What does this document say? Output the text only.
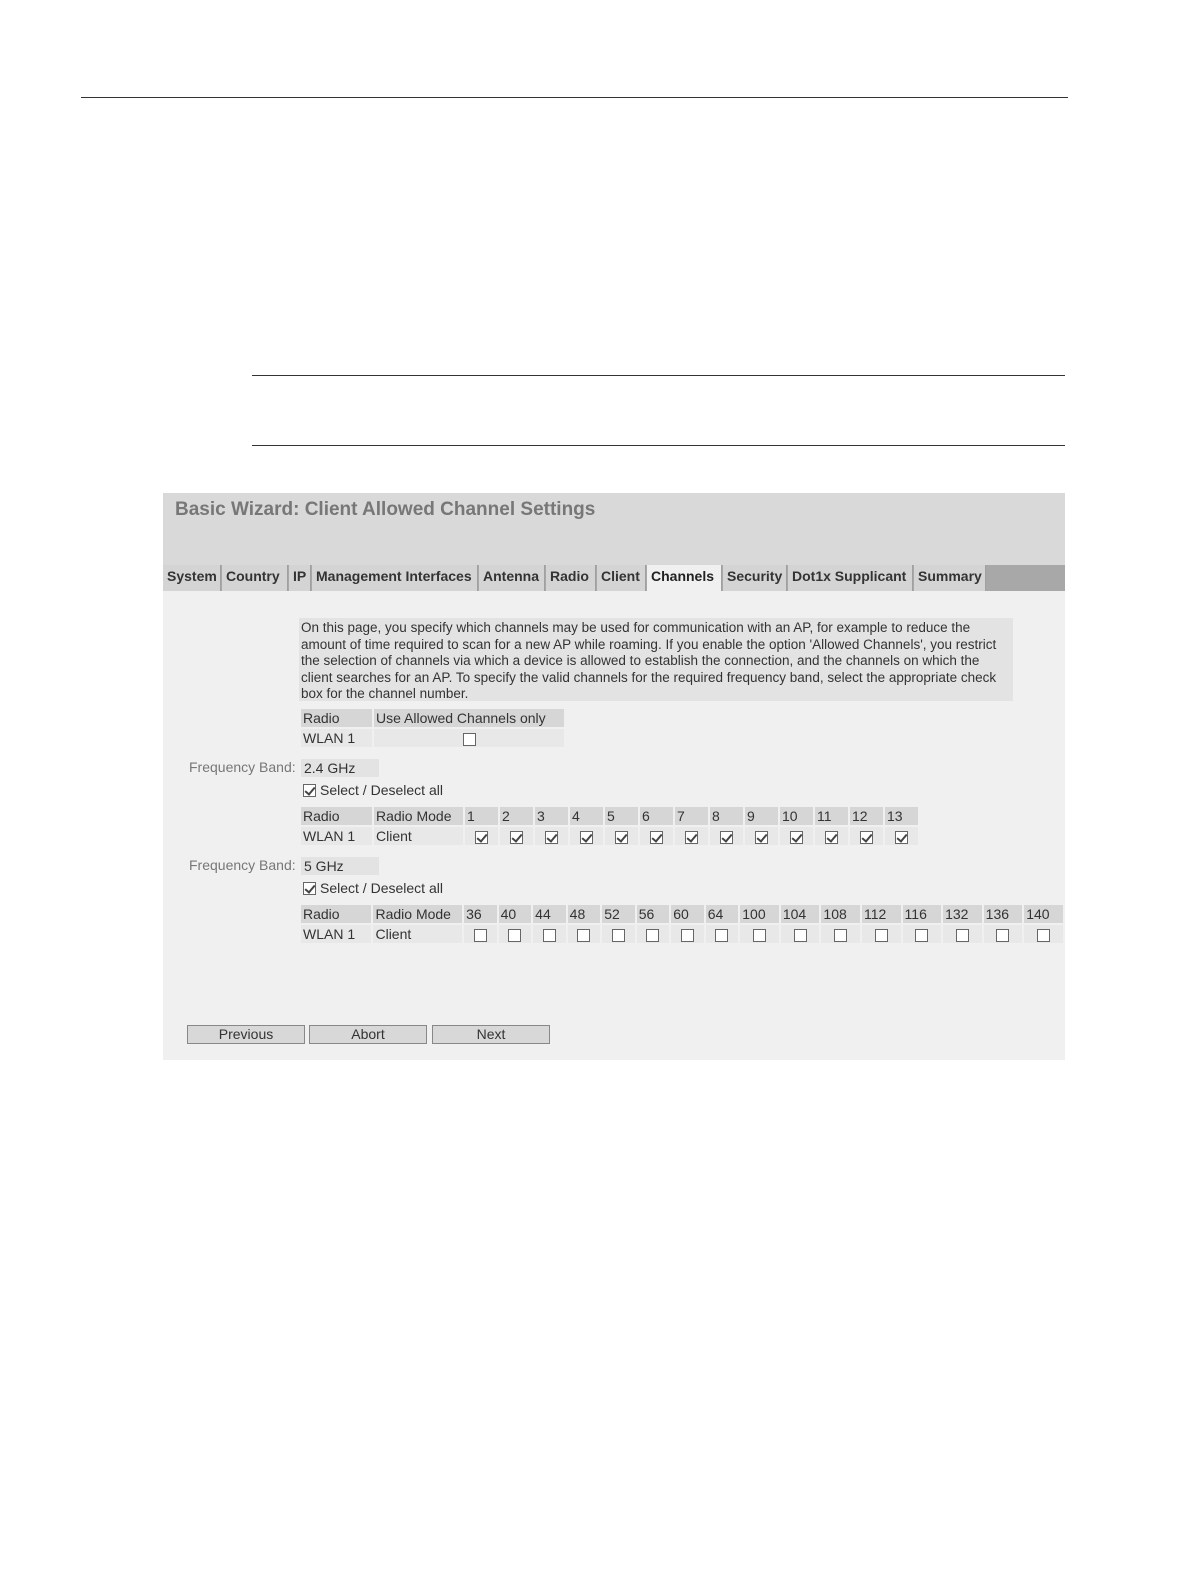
Basic Wizard: Client Allowed Channel Settings
System Country IP Management Interfaces Antenna Radio Client Channels Security Dot1x Supplicant Summary
On this page, you specify which channels may be used for communication with an AP, for example to reduce the amount of time required to scan for a new AP while roaming. If you enable the option 'Allowed Channels', you restrict the selection of channels via which a device is allowed to establish the connection, and the channels on which the client searches for an AP. To specify the valid channels for the required frequency band, select the appropriate check box for the channel number.
Radio	Use Allowed Channels only
WLAN 1	
Frequency Band: 2.4 GHz
Select / Deselect all
Radio	Radio Mode	1	2	3	4	5	6	7	8	9	10	11	12	13
WLAN 1	Client													
Frequency Band: 5 GHz
Select / Deselect all
Radio	Radio Mode	36	40	44	48	52	56	60	64	100	104	108	112	116	132	136	140
WLAN 1	Client																
Previous	Abort	Next
